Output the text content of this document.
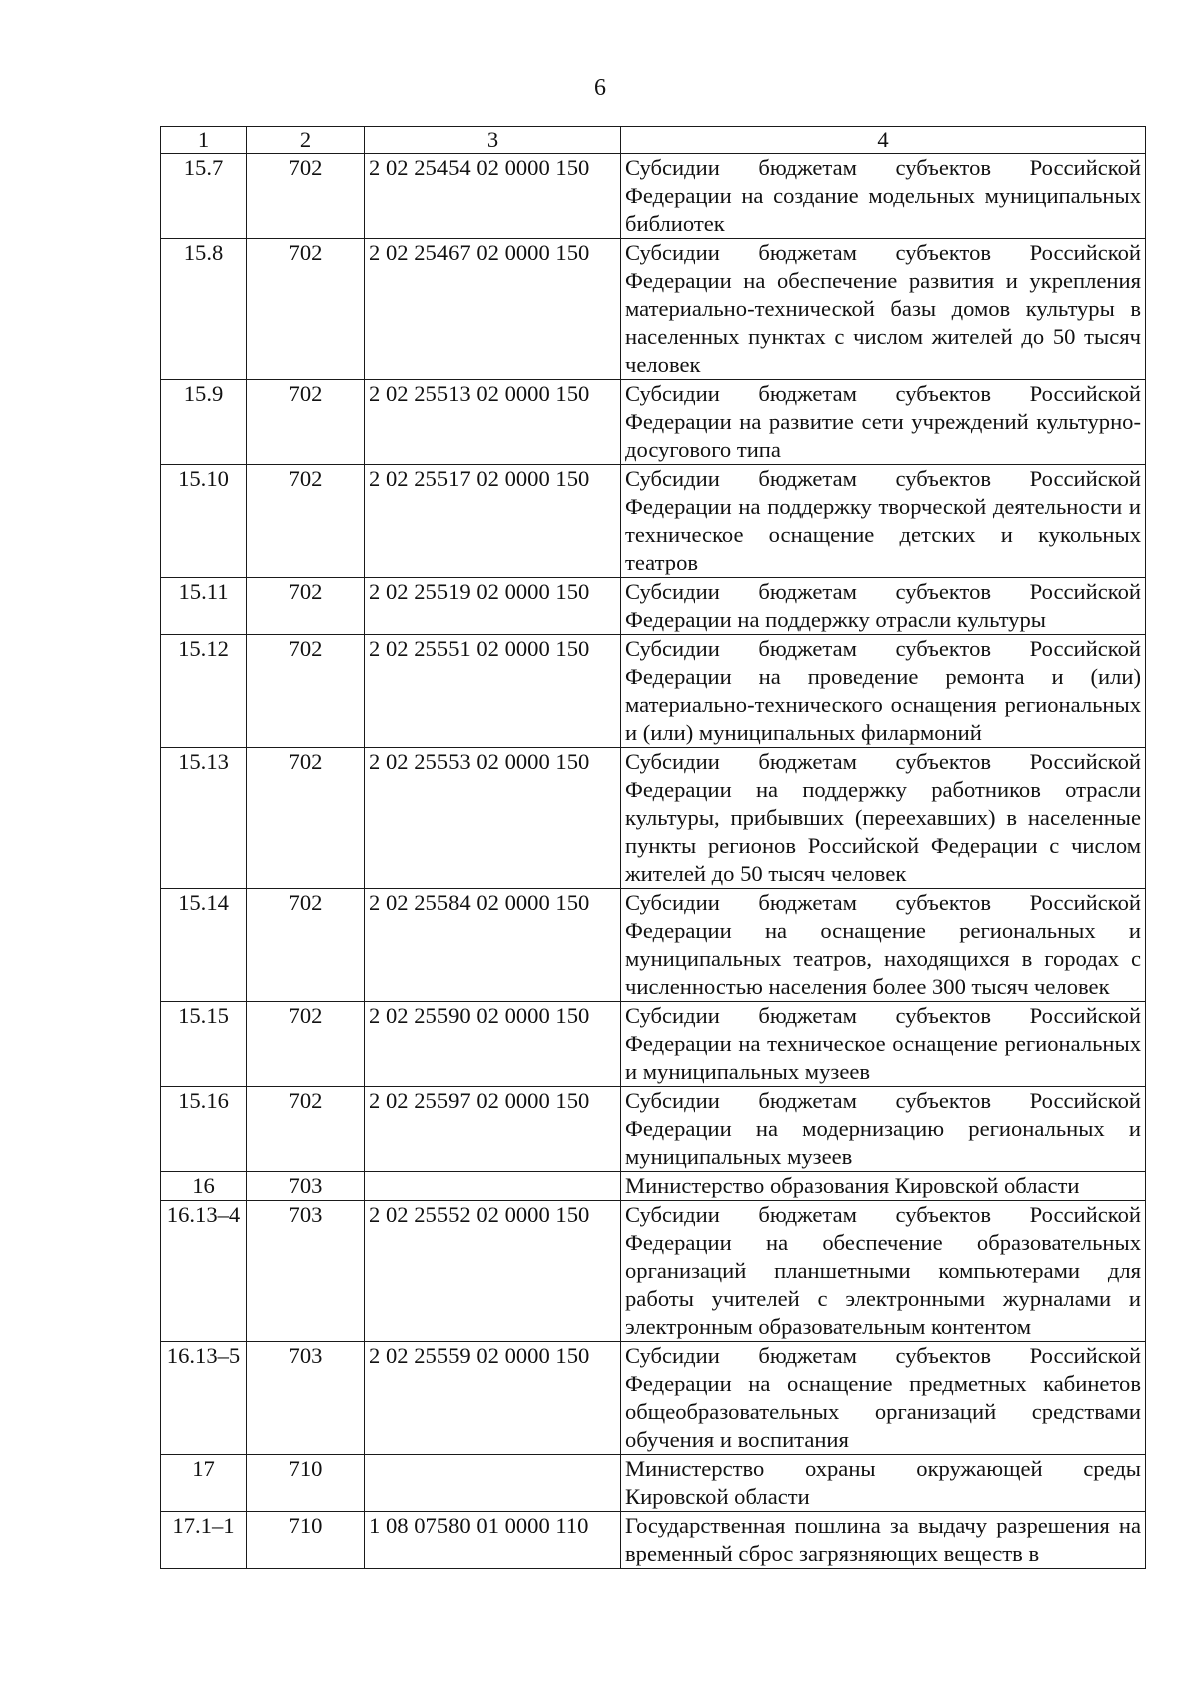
6
1	2	3	4
15.7	702	2 02 25454 02 0000 150	Субсидии бюджетам субъектов Российской Федерации на создание модельных муниципальных библиотек
15.8	702	2 02 25467 02 0000 150	Субсидии бюджетам субъектов Российской Федерации на обеспечение развития и укрепления материально-технической базы домов культуры в населенных пунктах с числом жителей до 50 тысяч человек
15.9	702	2 02 25513 02 0000 150	Субсидии бюджетам субъектов Российской Федерации на развитие сети учреждений культурно-досугового типа
15.10	702	2 02 25517 02 0000 150	Субсидии бюджетам субъектов Российской Федерации на поддержку творческой деятельности и техническое оснащение детских и кукольных театров
15.11	702	2 02 25519 02 0000 150	Субсидии бюджетам субъектов Российской Федерации на поддержку отрасли культуры
15.12	702	2 02 25551 02 0000 150	Субсидии бюджетам субъектов Российской Федерации на проведение ремонта и (или) материально-технического оснащения региональных и (или) муниципальных филармоний
15.13	702	2 02 25553 02 0000 150	Субсидии бюджетам субъектов Российской Федерации на поддержку работников отрасли культуры, прибывших (переехавших) в населенные пункты регионов Российской Федерации с числом жителей до 50 тысяч человек
15.14	702	2 02 25584 02 0000 150	Субсидии бюджетам субъектов Российской Федерации на оснащение региональных и муниципальных театров, находящихся в городах с численностью населения более 300 тысяч человек
15.15	702	2 02 25590 02 0000 150	Субсидии бюджетам субъектов Российской Федерации на техническое оснащение региональных и муниципальных музеев
15.16	702	2 02 25597 02 0000 150	Субсидии бюджетам субъектов Российской Федерации на модернизацию региональных и муниципальных музеев
16	703		Министерство образования Кировской области
16.13–4	703	2 02 25552 02 0000 150	Субсидии бюджетам субъектов Российской Федерации на обеспечение образовательных организаций планшетными компьютерами для работы учителей с электронными журналами и электронным образовательным контентом
16.13–5	703	2 02 25559 02 0000 150	Субсидии бюджетам субъектов Российской Федерации на оснащение предметных кабинетов общеобразовательных организаций средствами обучения и воспитания
17	710		Министерство охраны окружающей среды Кировской области
17.1–1	710	1 08 07580 01 0000 110	Государственная пошлина за выдачу разрешения на временный сброс загрязняющих веществ в
